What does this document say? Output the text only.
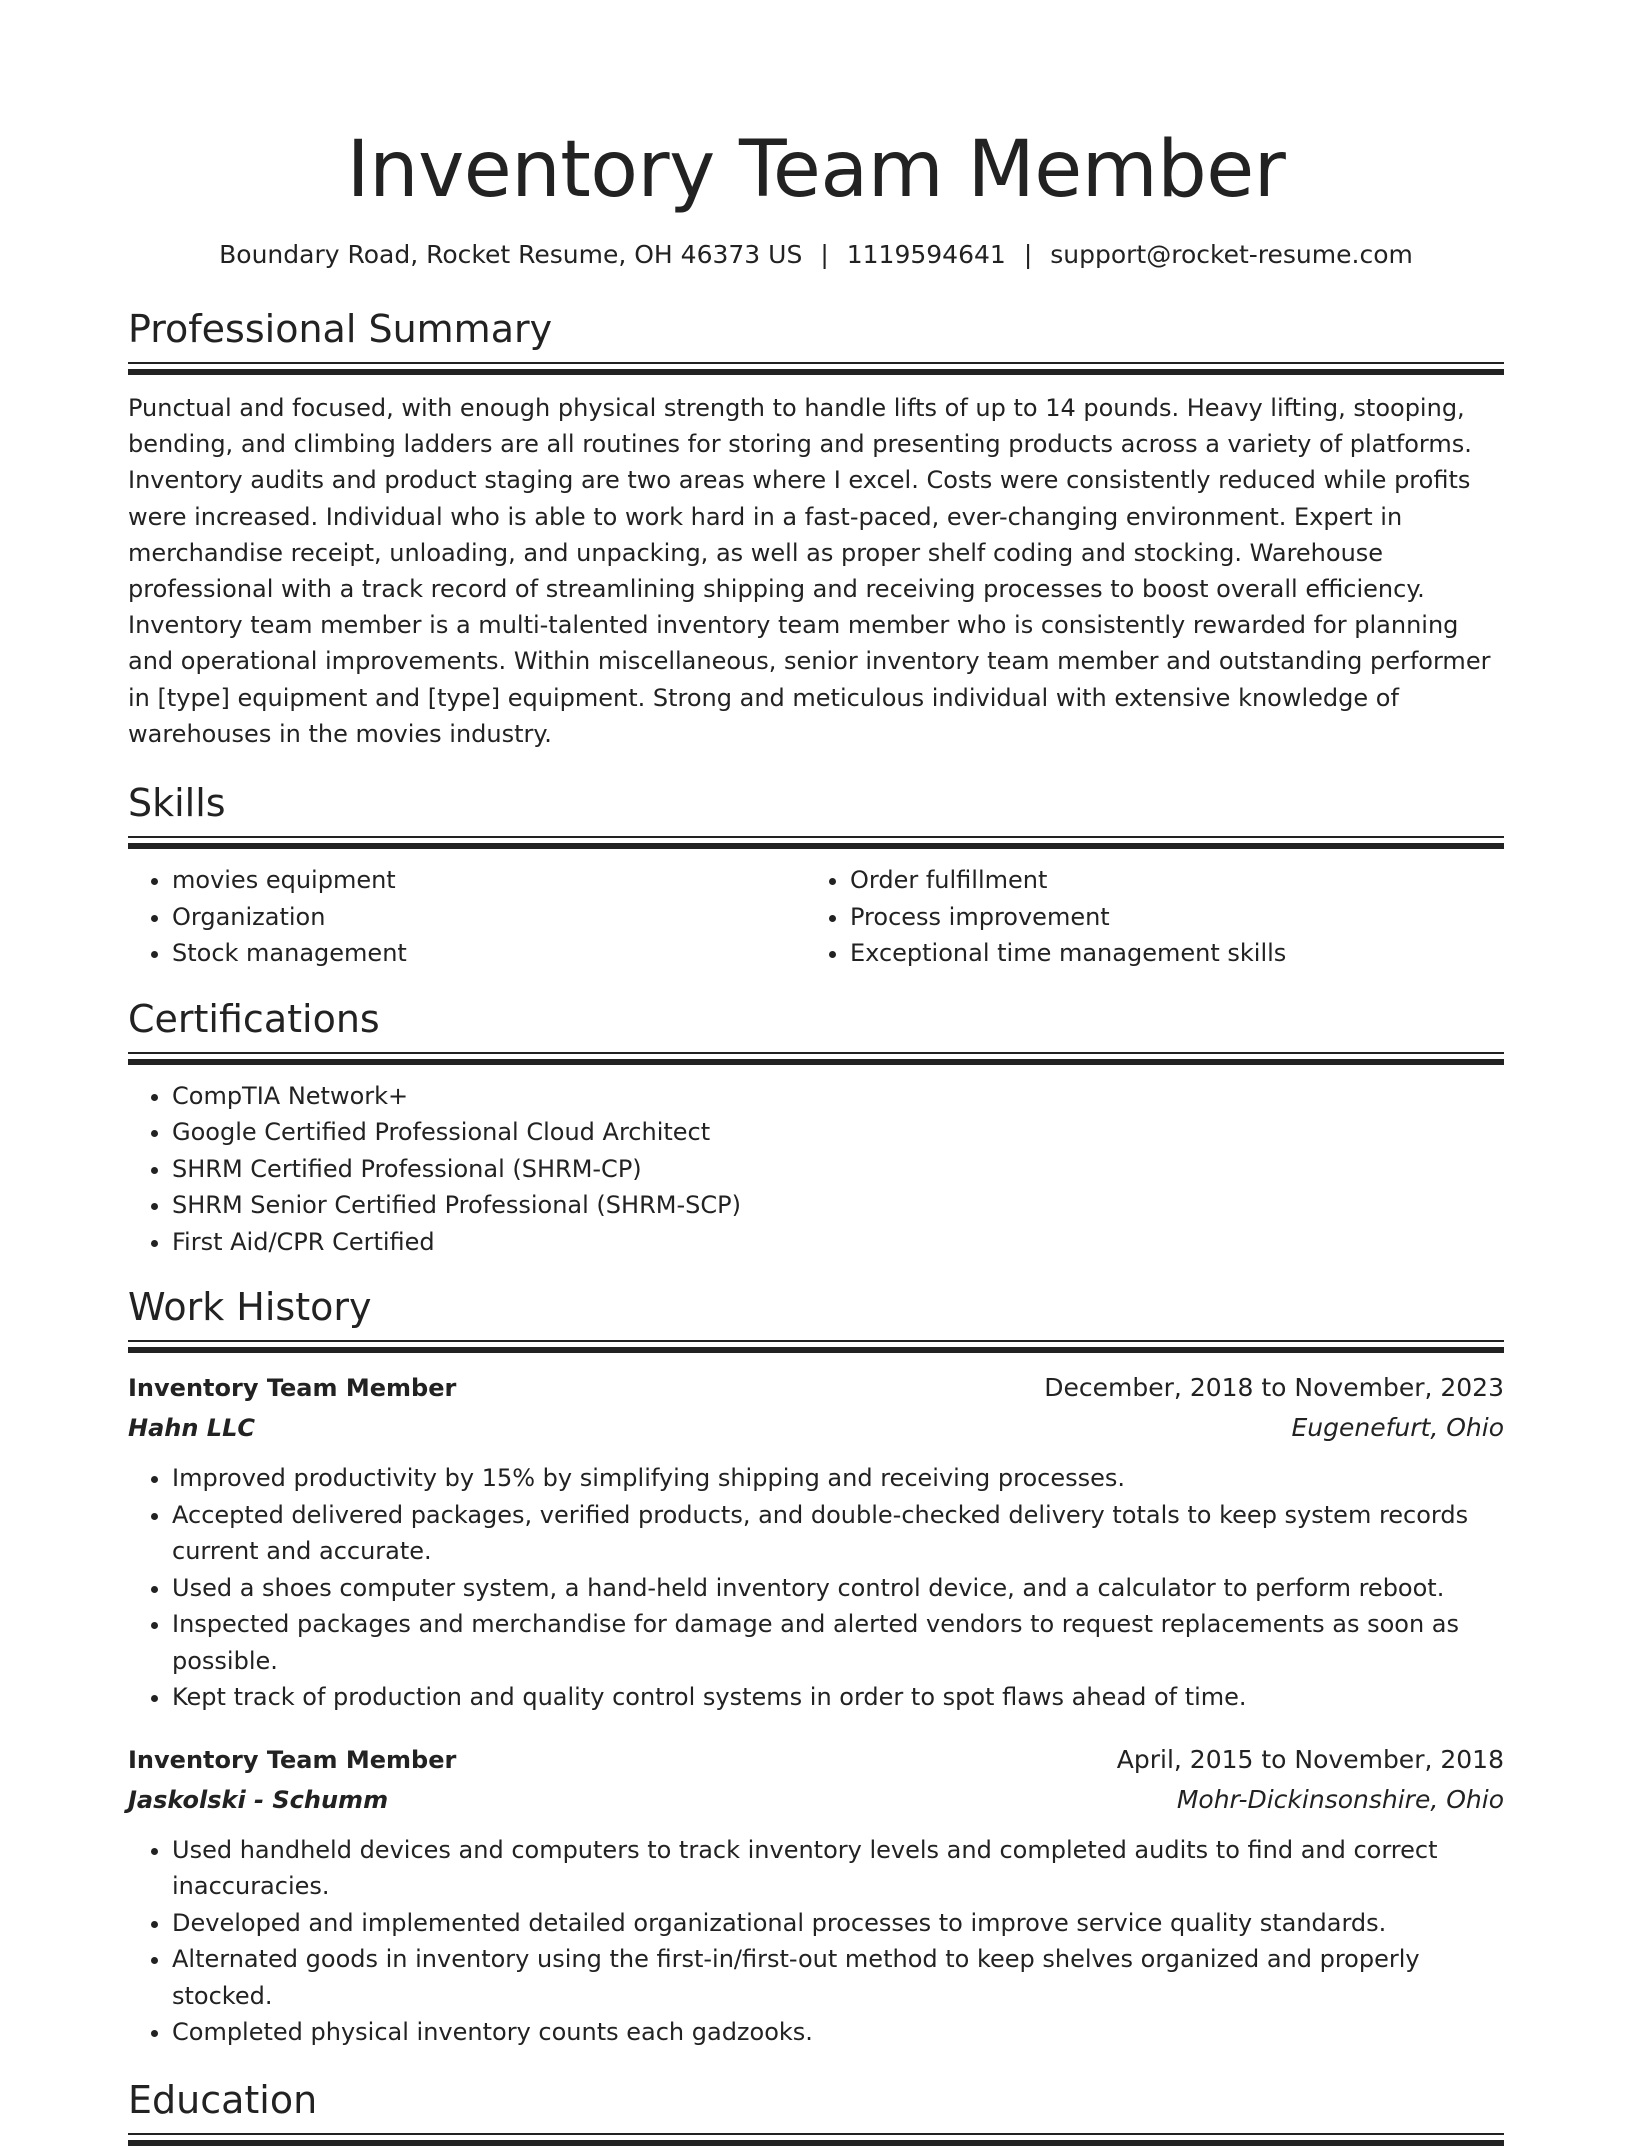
Inventory Team Member
Boundary Road, Rocket Resume, OH 46373 US | 1119594641 | support@rocket-resume.com
Professional Summary

Punctual and focused, with enough physical strength to handle lifts of up to 14 pounds. Heavy lifting, stooping, bending, and climbing ladders are all routines for storing and presenting products across a variety of platforms. Inventory audits and product staging are two areas where I excel. Costs were consistently reduced while profits were increased. Individual who is able to work hard in a fast-paced, ever-changing environment. Expert in merchandise receipt, unloading, and unpacking, as well as proper shelf coding and stocking. Warehouse professional with a track record of streamlining shipping and receiving processes to boost overall efficiency. Inventory team member is a multi-talented inventory team member who is consistently rewarded for planning and operational improvements. Within miscellaneous, senior inventory team member and outstanding performer in [type] equipment and [type] equipment. Strong and meticulous individual with extensive knowledge of warehouses in the movies industry.

Skills
• movies equipment
• Organization
• Stock management
• Order fulfillment
• Process improvement
• Exceptional time management skills
Certifications
• CompTIA Network+
• Google Certified Professional Cloud Architect
• SHRM Certified Professional (SHRM-CP)
• SHRM Senior Certified Professional (SHRM-SCP)
• First Aid/CPR Certified
Work History
Inventory Team Member	December, 2018 to November, 2023
Hahn LLC	Eugenefurt, Ohio
• Improved productivity by 15% by simplifying shipping and receiving processes.
• Accepted delivered packages, verified products, and double-checked delivery totals to keep system records current and accurate.
• Used a shoes computer system, a hand-held inventory control device, and a calculator to perform reboot.
• Inspected packages and merchandise for damage and alerted vendors to request replacements as soon as possible.
• Kept track of production and quality control systems in order to spot flaws ahead of time.
Inventory Team Member	April, 2015 to November, 2018
Jaskolski - Schumm	Mohr-Dickinsonshire, Ohio
• Used handheld devices and computers to track inventory levels and completed audits to find and correct inaccuracies.
• Developed and implemented detailed organizational processes to improve service quality standards.
• Alternated goods in inventory using the first-in/first-out method to keep shelves organized and properly stocked.
• Completed physical inventory counts each gadzooks.
Education
